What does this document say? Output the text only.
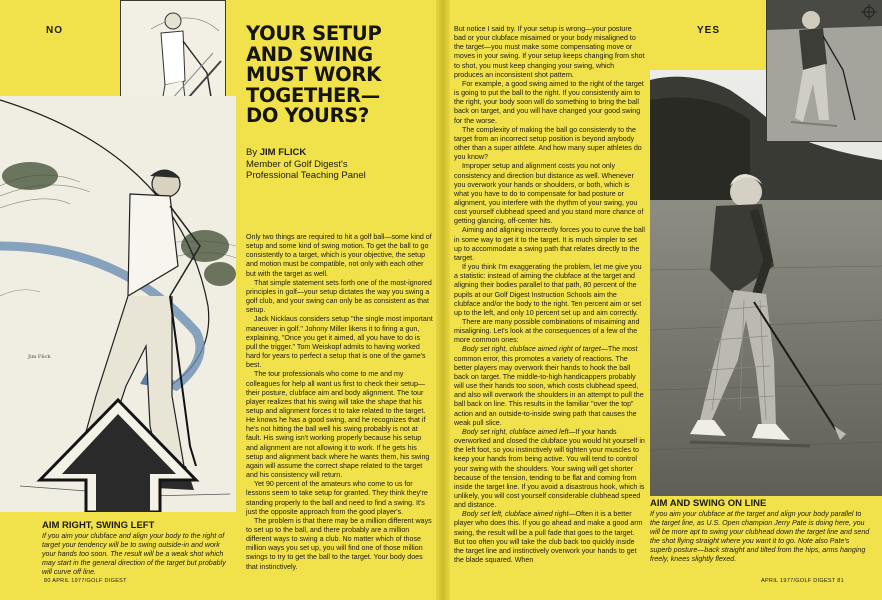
NO
Jim Flick
YOUR SETUP
AND SWING
MUST WORK
TOGETHER—
DO YOURS?
By JIM FLICK
Member of Golf Digest's
Professional Teaching Panel

Only two things are required to hit a golf ball—some kind of setup and some kind of swing motion. To get the ball to go consistently to a target, which is your objective, the setup and motion must be compatible, not only with each other but with the target as well.

That simple statement sets forth one of the most-ignored principles in golf—your setup dictates the way you swing a golf club, and your swing can only be as consistent as that setup.

Jack Nicklaus considers setup "the single most important maneuver in golf." Johnny Miller likens it to firing a gun, explaining, "Once you get it aimed, all you have to do is pull the trigger." Tom Weiskopf admits to having worked hard for years to perfect a setup that is one of the game's best.

The tour professionals who come to me and my colleagues for help all want us first to check their setup—their posture, clubface aim and body alignment. The tour player realizes that his swing will take the shape that his setup and alignment forces it to take related to the target. He knows he has a good swing, and he recognizes that if he's not hitting the ball well his swing probably is not at fault. His swing isn't working properly because his setup and alignment are not allowing it to work. If he gets his setup and alignment back where he wants them, his swing again will assume the correct shape related to the target and his consistency will return.

Yet 90 percent of the amateurs who come to us for lessons seem to take setup for granted. They think they're standing properly to the ball and need to find a swing. It's just the opposite approach from the good player's.

The problem is that there may be a million different ways to set up to the ball, and there probably are a million different ways to swing a club. No matter which of those million ways you set up, you will find one of those million swings to try to get the ball to the target. Your body does that instinctively.

AIM RIGHT, SWING LEFT
If you aim your clubface and align your body to the right of target your tendency will be to swing outside-in and work your hands too soon. The result will be a weak shot which may start in the general direction of the target but probably will curve off line.
80 APRIL 1977/GOLF DIGEST

But notice I said try. If your setup is wrong—your posture bad or your clubface misaimed or your body misaligned to the target—you must make some compensating move or moves in your swing. If your setup keeps changing from shot to shot, you must keep changing your swing, which produces an inconsistent shot pattern.

For example, a good swing aimed to the right of the target is going to put the ball to the right. If you consistently aim to the right, your body soon will do something to bring the ball back on target, and you will have changed your good swing for the worse.

The complexity of making the ball go consistently to the target from an incorrect setup position is beyond anybody other than a super athlete. And how many super athletes do you know?

Improper setup and alignment costs you not only consistency and direction but distance as well. Whenever you overwork your hands or shoulders, or both, which is what you have to do to compensate for bad posture or alignment, you interfere with the rhythm of your swing, you cost yourself clubhead speed and you stand more chance of getting glancing, off-center hits.

Aiming and aligning incorrectly forces you to curve the ball in some way to get it to the target. It is much simpler to set up to accommodate a swing path that relates directly to the target.

If you think I'm exaggerating the problem, let me give you a statistic: instead of aiming the clubface at the target and aligning their bodies parallel to that path, 80 percent of the pupils at our Golf Digest Instruction Schools aim the clubface and/or the body to the right. Ten percent aim or set up to the left, and only 10 percent set up and aim correctly.

There are many possible combinations of misaiming and misaligning. Let's look at the consequences of a few of the more common ones:

Body set right, clubface aimed right of target—The most common error, this promotes a variety of reactions. The better players may overwork their hands to hook the ball back on target. The middle-to-high handicappers probably will use their hands too soon, which costs clubhead speed, and also will overwork the shoulders in an attempt to pull the ball back on line. This results in the familiar "over the top" action and an outside-to-inside swing path that causes the weak pull slice.

Body set right, clubface aimed left—If your hands overworked and closed the clubface you would hit yourself in the left foot, so you instinctively will tighten your muscles to keep your hands from being active. You will tend to control your swing with the shoulders. Your swing will get shorter because of the tension, tending to be flat and coming from inside the target line. If you avoid a disastrous hook, which is unlikely, you will cost yourself considerable clubhead speed and distance.

Body set left, clubface aimed right—Often it is a better player who does this. If you go ahead and make a good arm swing, the result will be a pull fade that goes to the target. But too often you will take the club back too quickly inside the target line and instinctively overwork your hands to get the blade squared. When

YES
AIM AND SWING ON LINE
If you aim your clubface at the target and align your body parallel to the target line, as U.S. Open champion Jerry Pate is doing here, you will be more apt to swing your clubhead down the target line and send the shot flying straight where you want it to go. Note also Pate's superb posture—back straight and tilted from the hips, arms hanging freely, knees slightly flexed.
APRIL 1977/GOLF DIGEST 81
